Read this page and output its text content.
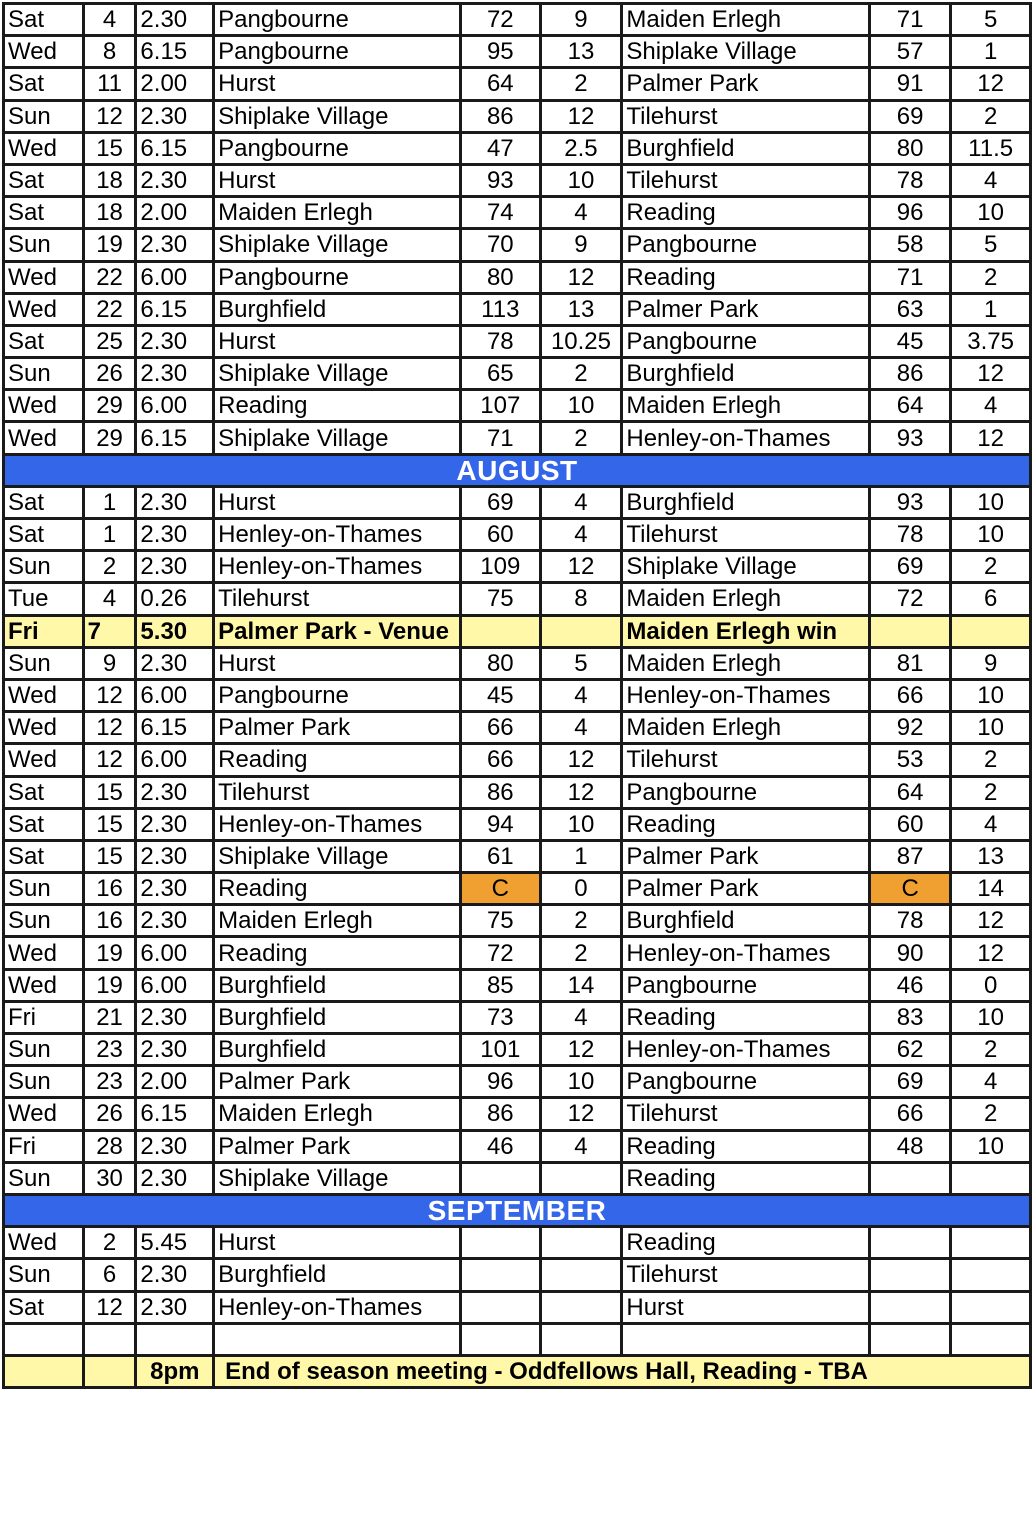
Sat	4	2.30	Pangbourne	72	9	Maiden Erlegh	71	5
Wed	8	6.15	Pangbourne	95	13	Shiplake Village	57	1
Sat	11	2.00	Hurst	64	2	Palmer Park	91	12
Sun	12	2.30	Shiplake Village	86	12	Tilehurst	69	2
Wed	15	6.15	Pangbourne	47	2.5	Burghfield	80	11.5
Sat	18	2.30	Hurst	93	10	Tilehurst	78	4
Sat	18	2.00	Maiden Erlegh	74	4	Reading	96	10
Sun	19	2.30	Shiplake Village	70	9	Pangbourne	58	5
Wed	22	6.00	Pangbourne	80	12	Reading	71	2
Wed	22	6.15	Burghfield	113	13	Palmer Park	63	1
Sat	25	2.30	Hurst	78	10.25	Pangbourne	45	3.75
Sun	26	2.30	Shiplake Village	65	2	Burghfield	86	12
Wed	29	6.00	Reading	107	10	Maiden Erlegh	64	4
Wed	29	6.15	Shiplake Village	71	2	Henley-on-Thames	93	12
AUGUST								
Sat	1	2.30	Hurst	69	4	Burghfield	93	10
Sat	1	2.30	Henley-on-Thames	60	4	Tilehurst	78	10
Sun	2	2.30	Henley-on-Thames	109	12	Shiplake Village	69	2
Tue	4	0.26	Tilehurst	75	8	Maiden Erlegh	72	6
Fri	7	5.30	Palmer Park - Venue			Maiden Erlegh win		
Sun	9	2.30	Hurst	80	5	Maiden Erlegh	81	9
Wed	12	6.00	Pangbourne	45	4	Henley-on-Thames	66	10
Wed	12	6.15	Palmer Park	66	4	Maiden Erlegh	92	10
Wed	12	6.00	Reading	66	12	Tilehurst	53	2
Sat	15	2.30	Tilehurst	86	12	Pangbourne	64	2
Sat	15	2.30	Henley-on-Thames	94	10	Reading	60	4
Sat	15	2.30	Shiplake Village	61	1	Palmer Park	87	13
Sun	16	2.30	Reading	C	0	Palmer Park	C	14
Sun	16	2.30	Maiden Erlegh	75	2	Burghfield	78	12
Wed	19	6.00	Reading	72	2	Henley-on-Thames	90	12
Wed	19	6.00	Burghfield	85	14	Pangbourne	46	0
Fri	21	2.30	Burghfield	73	4	Reading	83	10
Sun	23	2.30	Burghfield	101	12	Henley-on-Thames	62	2
Sun	23	2.00	Palmer Park	96	10	Pangbourne	69	4
Wed	26	6.15	Maiden Erlegh	86	12	Tilehurst	66	2
Fri	28	2.30	Palmer Park	46	4	Reading	48	10
Sun	30	2.30	Shiplake Village			Reading		
SEPTEMBER								
Wed	2	5.45	Hurst			Reading		
Sun	6	2.30	Burghfield			Tilehurst		
Sat	12	2.30	Henley-on-Thames			Hurst		

		8pm	End of season meeting - Oddfellows Hall, Reading - TBA					
